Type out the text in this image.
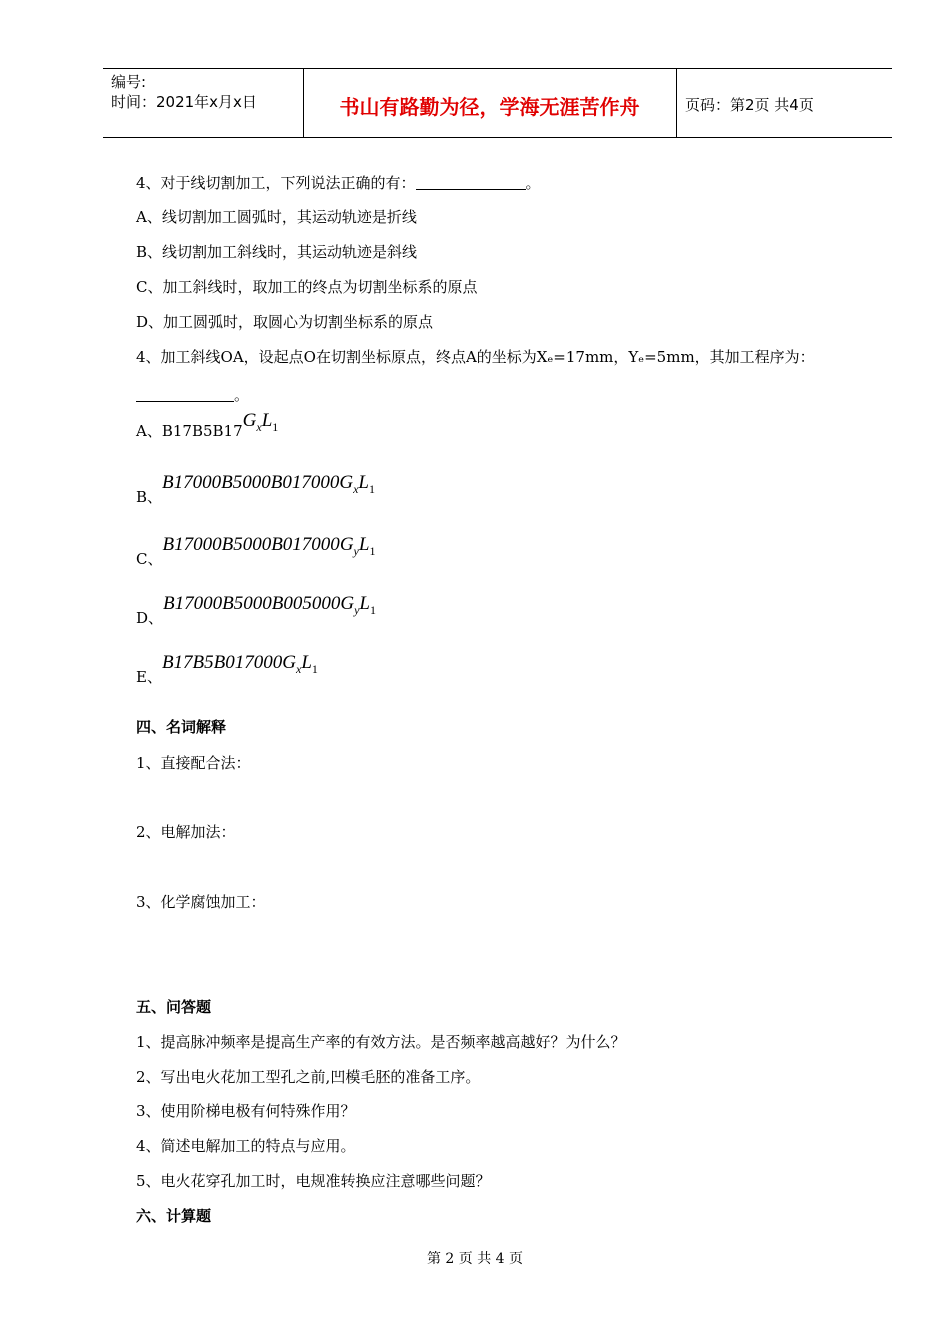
编号:
时间：2021年x月x日	书山有路勤为径，学海无涯苦作舟	页码：第2页 共4页
4、对于线切割加工，下列说法正确的有：	。
A、线切割加工圆弧时，其运动轨迹是折线
B、线切割加工斜线时，其运动轨迹是斜线
C、加工斜线时，取加工的终点为切割坐标系的原点
D、加工圆弧时，取圆心为切割坐标系的原点
4、加工斜线OA，设起点O在切割坐标原点，终点A的坐标为Xₑ=17mm，Yₑ=5mm，其加工程序为：
。
A、$B17B5B17G_xL_1$
B、$B17000B5000B017000G_xL_1$
C、$B17000B5000B017000G_yL_1$
D、$B17000B5000B005000G_yL_1$
E、$B17B5B017000G_xL_1$
四、名词解释
1、直接配合法：
2、电解加法：
3、化学腐蚀加工：
五、问答题
1、提高脉冲频率是提高生产率的有效方法。是否频率越高越好？为什么？
2、写出电火花加工型孔之前,凹模毛胚的准备工序。
3、使用阶梯电极有何特殊作用？
4、简述电解加工的特点与应用。
5、电火花穿孔加工时，电规准转换应注意哪些问题？
六、计算题
第 2 页 共 4 页
